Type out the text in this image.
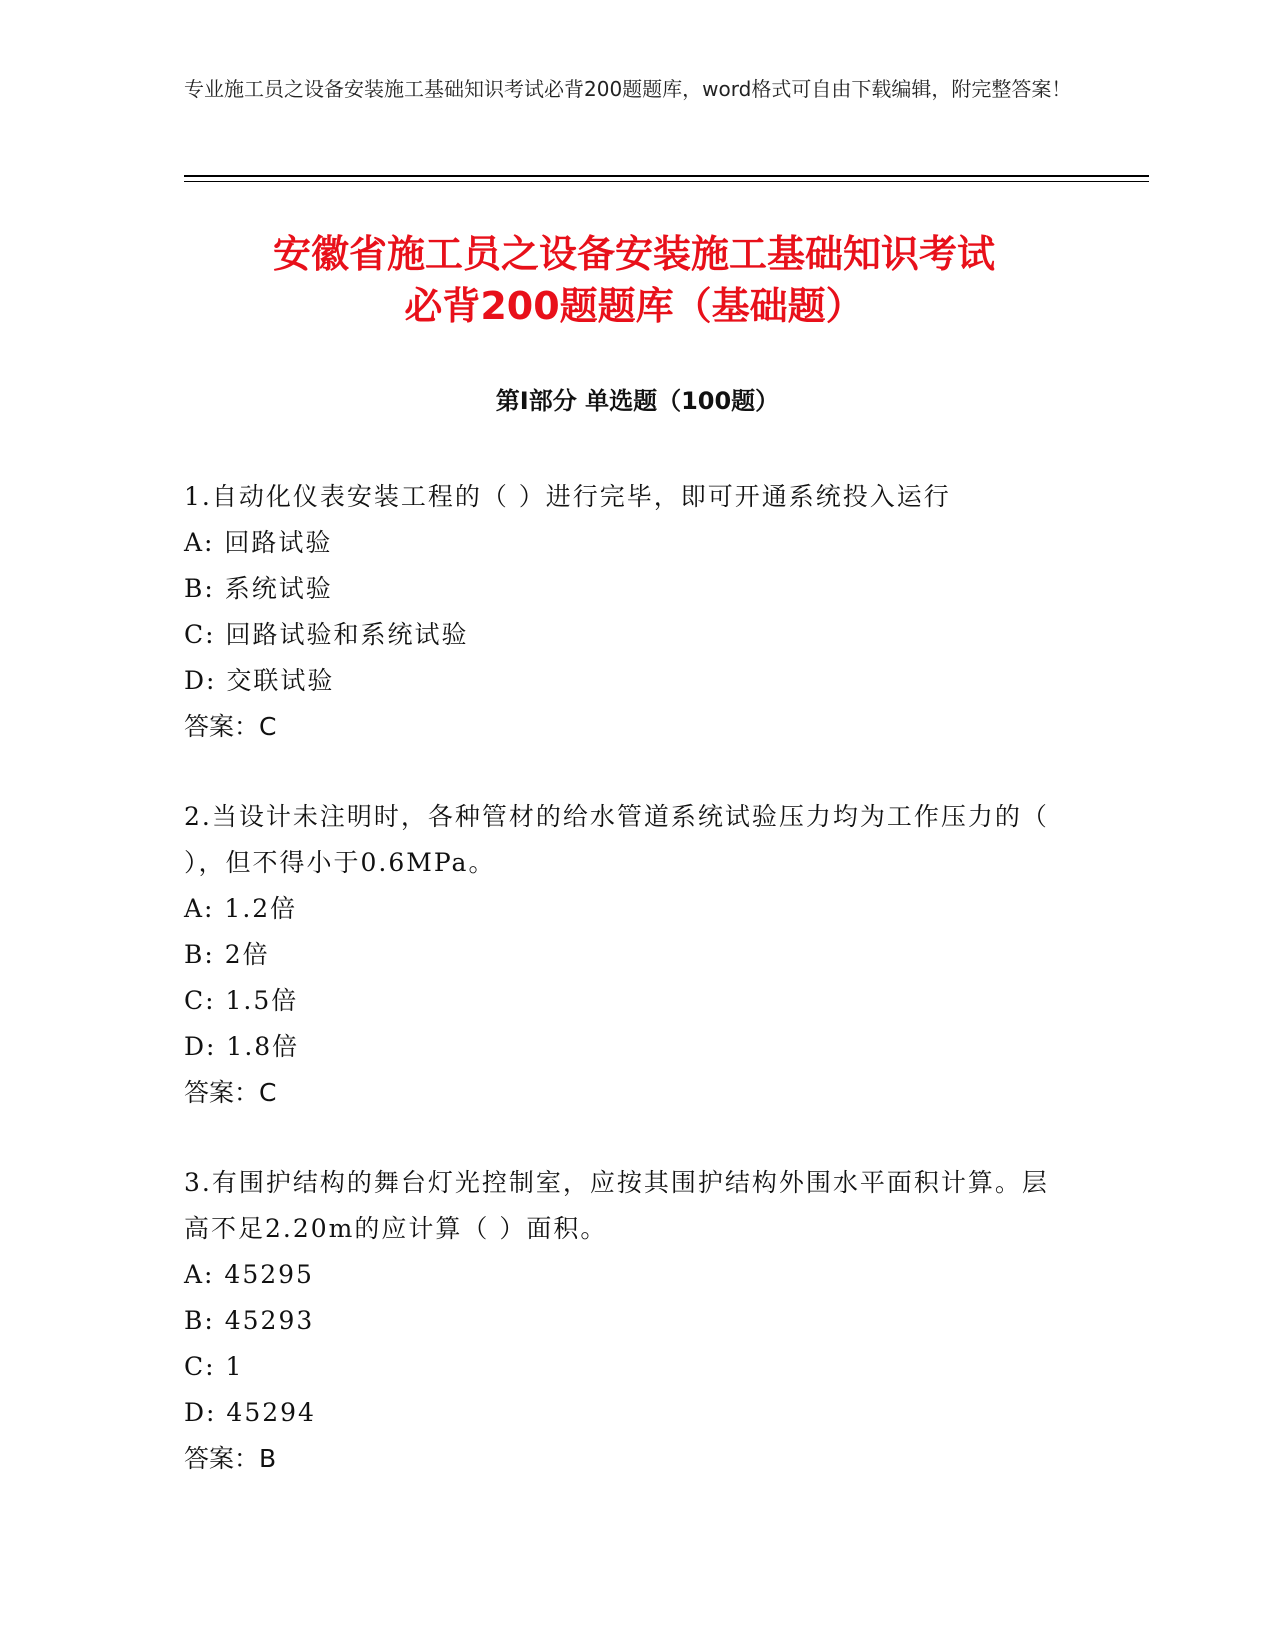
专业施工员之设备安装施工基础知识考试必背200题题库，word格式可自由下载编辑，附完整答案！
安徽省施工员之设备安装施工基础知识考试
必背200题题库（基础题）
第I部分 单选题（100题）

1.自动化仪表安装工程的（ ）进行完毕，即可开通系统投入运行

A: 回路试验

B: 系统试验

C: 回路试验和系统试验

D: 交联试验

答案：C

2.当设计未注明时，各种管材的给水管道系统试验压力均为工作压力的（ ），但不得小于0.6MPa。

A: 1.2倍

B: 2倍

C: 1.5倍

D: 1.8倍

答案：C

3.有围护结构的舞台灯光控制室，应按其围护结构外围水平面积计算。层高不足2.20m的应计算（ ）面积。

A: 45295

B: 45293

C: 1

D: 45294

答案：B
